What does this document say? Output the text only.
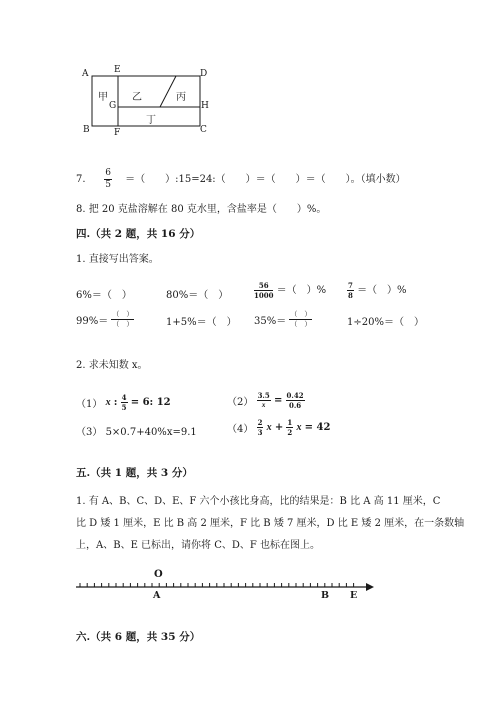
A	E	D
G	H
B	F	C
甲 乙	丙
丁
7. $\frac{6}{5}$ ＝（　　）:15=24:（　　）＝（　　）＝（　　）。（填小数）
8. 把 20 克盐溶解在 80 克水里，含盐率是（　　）%。
四.（共 2 题，共 16 分）
1. 直接写出答案。
6%＝（　）	80%＝（　）	$\frac{56}{1000}$ ＝（　）%	$\frac{7}{8}$ ＝（　）%
$99\%= \frac{( )}{( )}$	1+5%＝（　） $35\%= \frac{( )}{( )}$	1÷20%＝（　）
2. 求未知数 x。
（1） x : $\frac{4}{5} = 6$: 12	$(2) \frac{3.5}{x} = \frac{0.42}{0.6}$
（3） 5×0.7+40%x=9.1	$(4) \frac{2}{3}$ $x + \frac{1}{2}$ x = 42
五.（共 1 题，共 3 分）
1. 有 A、B、C、D、E、F 六个小孩比身高，比的结果是：B 比 A 高 11 厘米，C
比 D 矮 1 厘米，E 比 B 高 2 厘米，F 比 B 矮 7 厘米，D 比 E 矮 2 厘米，在一条数轴
上，A、B、E 已标出，请你将 C、D、F 也标在图上。
O
A	B E
六.（共 6 题，共 35 分）
